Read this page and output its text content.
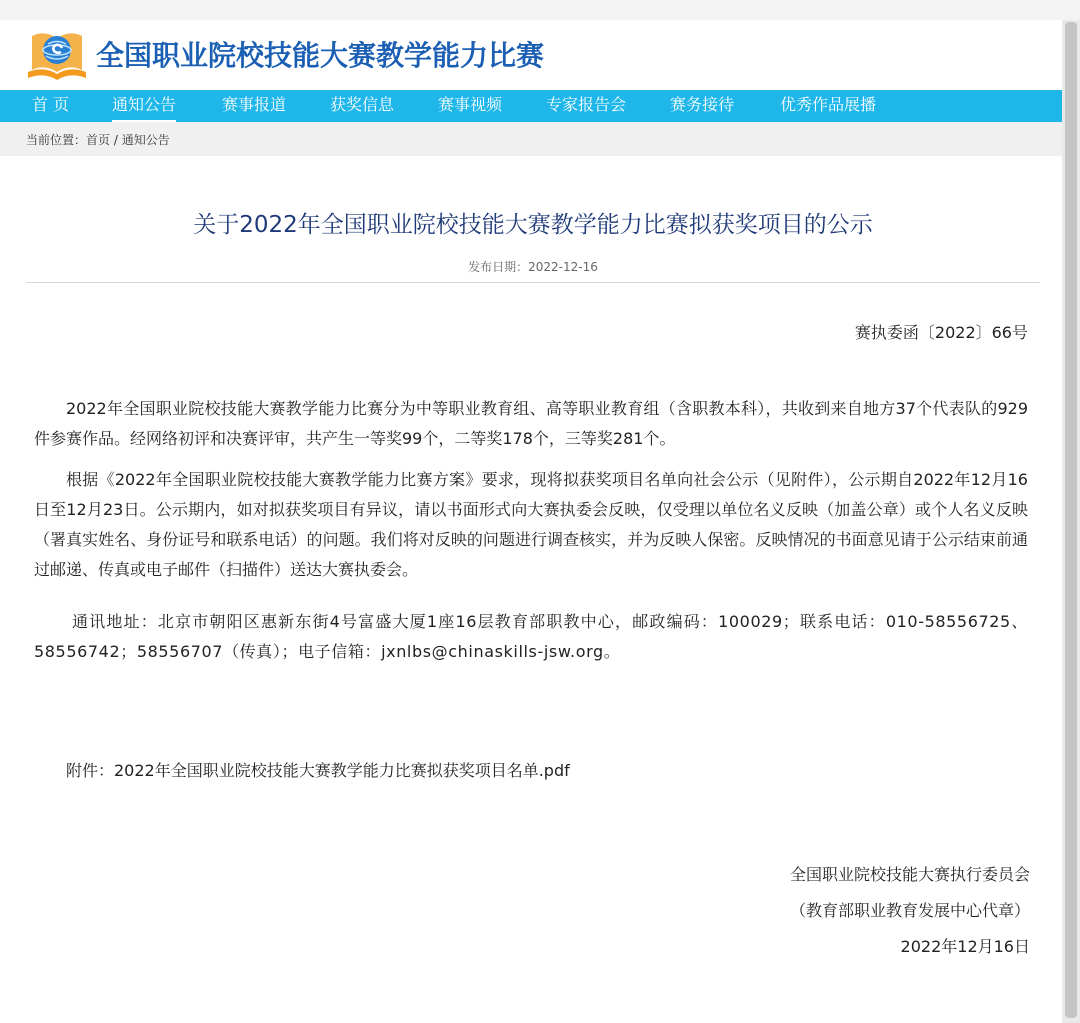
全国职业院校技能大赛教学能力比赛
首 页	通知公告	赛事报道	获奖信息	赛事视频	专家报告会	赛务接待	优秀作品展播
当前位置：首页 / 通知公告
关于2022年全国职业院校技能大赛教学能力比赛拟获奖项目的公示
发布日期：2022-12-16
赛执委函〔2022〕66号
2022年全国职业院校技能大赛教学能力比赛分为中等职业教育组、高等职业教育组（含职教本科），共收到来自地方37个代表队的929件参赛作品。经网络初评和决赛评审，共产生一等奖99个，二等奖178个，三等奖281个。
根据《2022年全国职业院校技能大赛教学能力比赛方案》要求，现将拟获奖项目名单向社会公示（见附件），公示期自2022年12月16日至12月23日。公示期内，如对拟获奖项目有异议，请以书面形式向大赛执委会反映，仅受理以单位名义反映（加盖公章）或个人名义反映（署真实姓名、身份证号和联系电话）的问题。我们将对反映的问题进行调查核实，并为反映人保密。反映情况的书面意见请于公示结束前通过邮递、传真或电子邮件（扫描件）送达大赛执委会。
通讯地址：北京市朝阳区惠新东街4号富盛大厦1座16层教育部职教中心，邮政编码：100029；联系电话：010-58556725、58556742；58556707（传真）；电子信箱：jxnlbs@chinaskills-jsw.org。
附件：2022年全国职业院校技能大赛教学能力比赛拟获奖项目名单.pdf
全国职业院校技能大赛执行委员会
（教育部职业教育发展中心代章）
2022年12月16日
